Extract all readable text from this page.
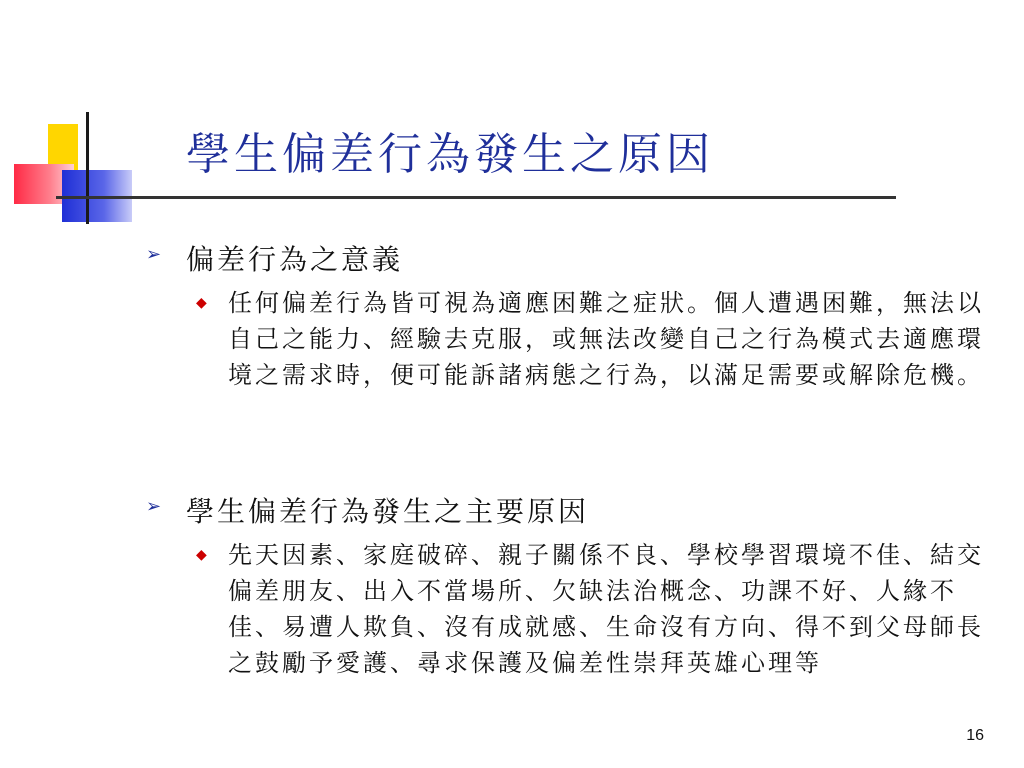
學生偏差行為發生之原因
➢ 偏差行為之意義
◆ 任何偏差行為皆可視為適應困難之症狀。個人遭遇困難，無法以自己之能力、經驗去克服，或無法改變自己之行為模式去適應環境之需求時，便可能訴諸病態之行為，以滿足需要或解除危機。
➢ 學生偏差行為發生之主要原因
◆ 先天因素、家庭破碎、親子關係不良、學校學習環境不佳、結交偏差朋友、出入不當場所、欠缺法治概念、功課不好、人緣不佳、易遭人欺負、沒有成就感、生命沒有方向、得不到父母師長之鼓勵予愛護、尋求保護及偏差性崇拜英雄心理等
16
